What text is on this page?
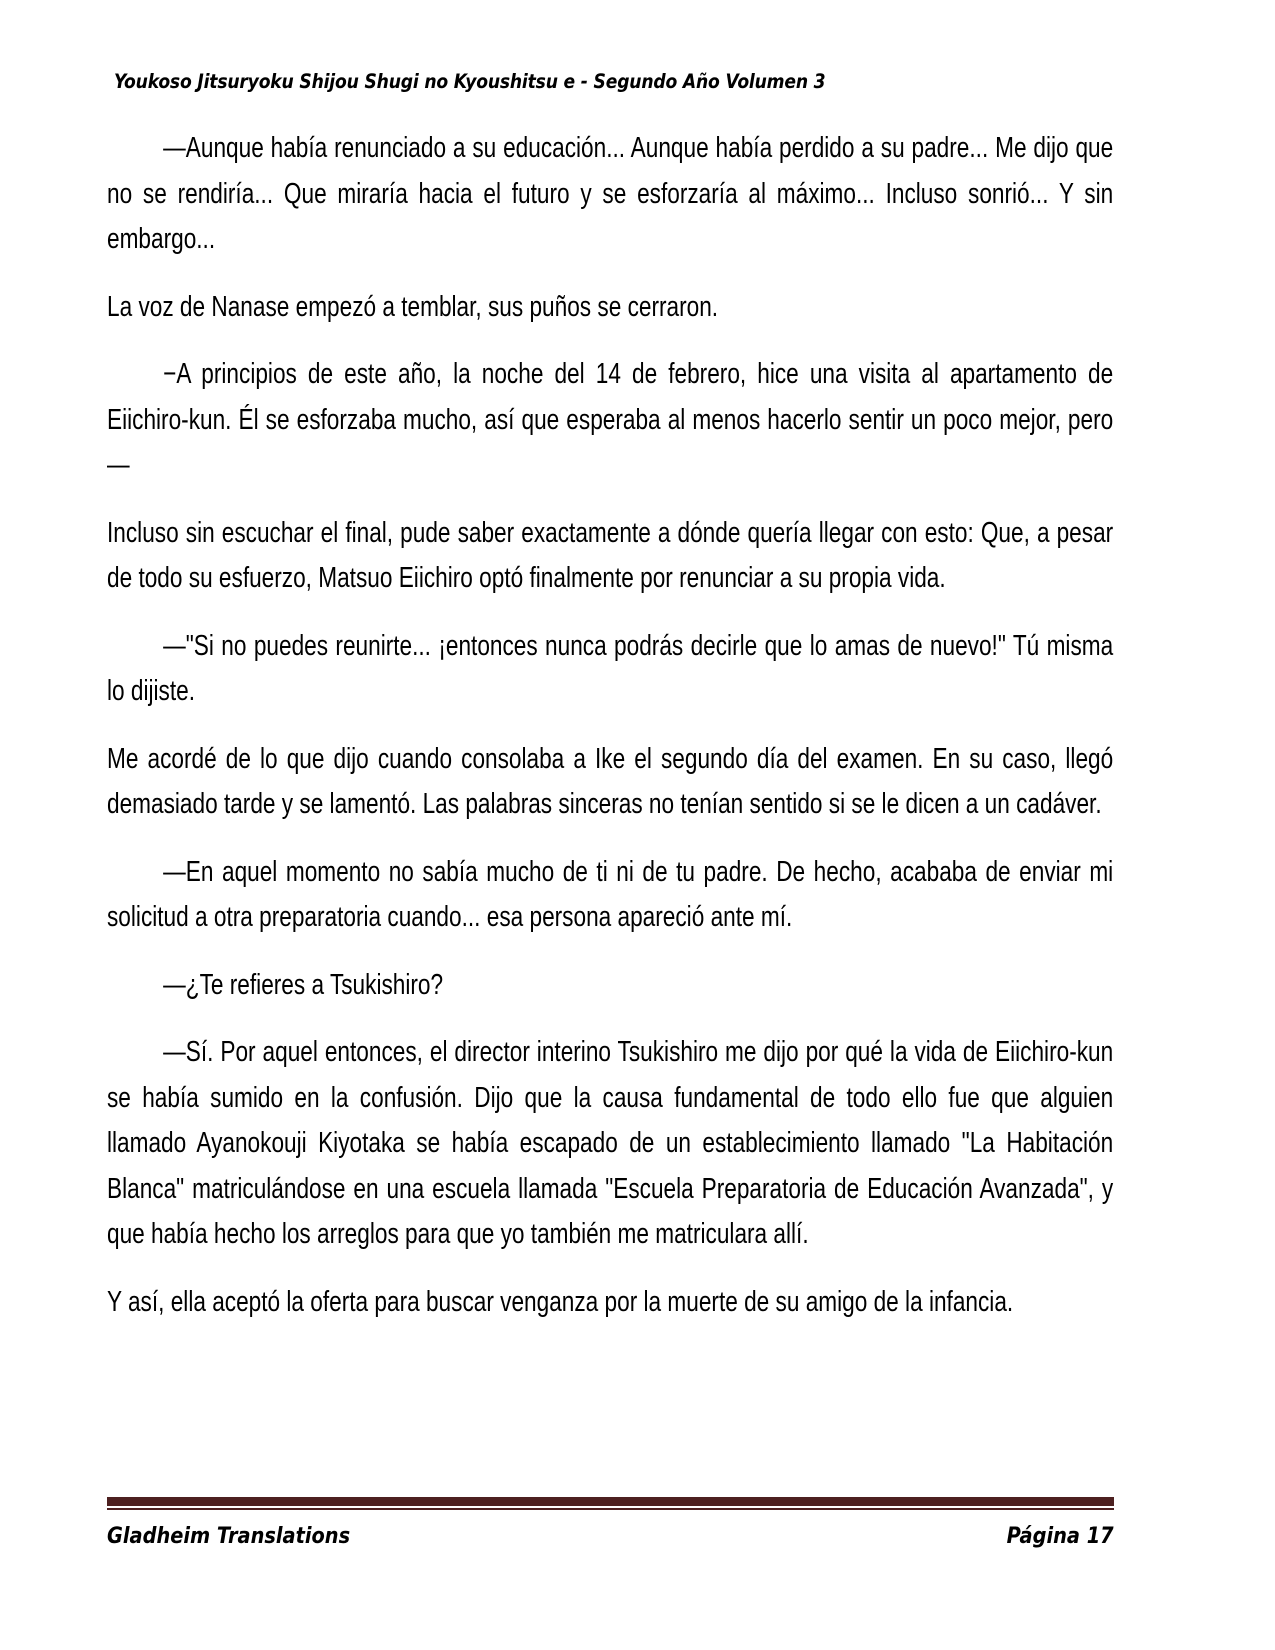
Youkoso Jitsuryoku Shijou Shugi no Kyoushitsu e - Segundo Año Volumen 3

—Aunque había renunciado a su educación... Aunque había perdido a su padre... Me dijo que no se rendiría... Que miraría hacia el futuro y se esforzaría al máximo... Incluso sonrió... Y sin embargo...

La voz de Nanase empezó a temblar, sus puños se cerraron.

−A principios de este año, la noche del 14 de febrero, hice una visita al apartamento de Eiichiro-kun. Él se esforzaba mucho, así que esperaba al menos hacerlo sentir un poco mejor, pero—

Incluso sin escuchar el final, pude saber exactamente a dónde quería llegar con esto: Que, a pesar de todo su esfuerzo, Matsuo Eiichiro optó finalmente por renunciar a su propia vida.

—"Si no puedes reunirte... ¡entonces nunca podrás decirle que lo amas de nuevo!" Tú misma lo dijiste.

Me acordé de lo que dijo cuando consolaba a Ike el segundo día del examen. En su caso, llegó demasiado tarde y se lamentó. Las palabras sinceras no tenían sentido si se le dicen a un cadáver.

—En aquel momento no sabía mucho de ti ni de tu padre. De hecho, acababa de enviar mi solicitud a otra preparatoria cuando... esa persona apareció ante mí.

—¿Te refieres a Tsukishiro?

—Sí. Por aquel entonces, el director interino Tsukishiro me dijo por qué la vida de Eiichiro-kun se había sumido en la confusión. Dijo que la causa fundamental de todo ello fue que alguien llamado Ayanokouji Kiyotaka se había escapado de un establecimiento llamado "La Habitación Blanca" matriculándose en una escuela llamada "Escuela Preparatoria de Educación Avanzada", y que había hecho los arreglos para que yo también me matriculara allí.

Y así, ella aceptó la oferta para buscar venganza por la muerte de su amigo de la infancia.

Gladheim Translations	Página 17
